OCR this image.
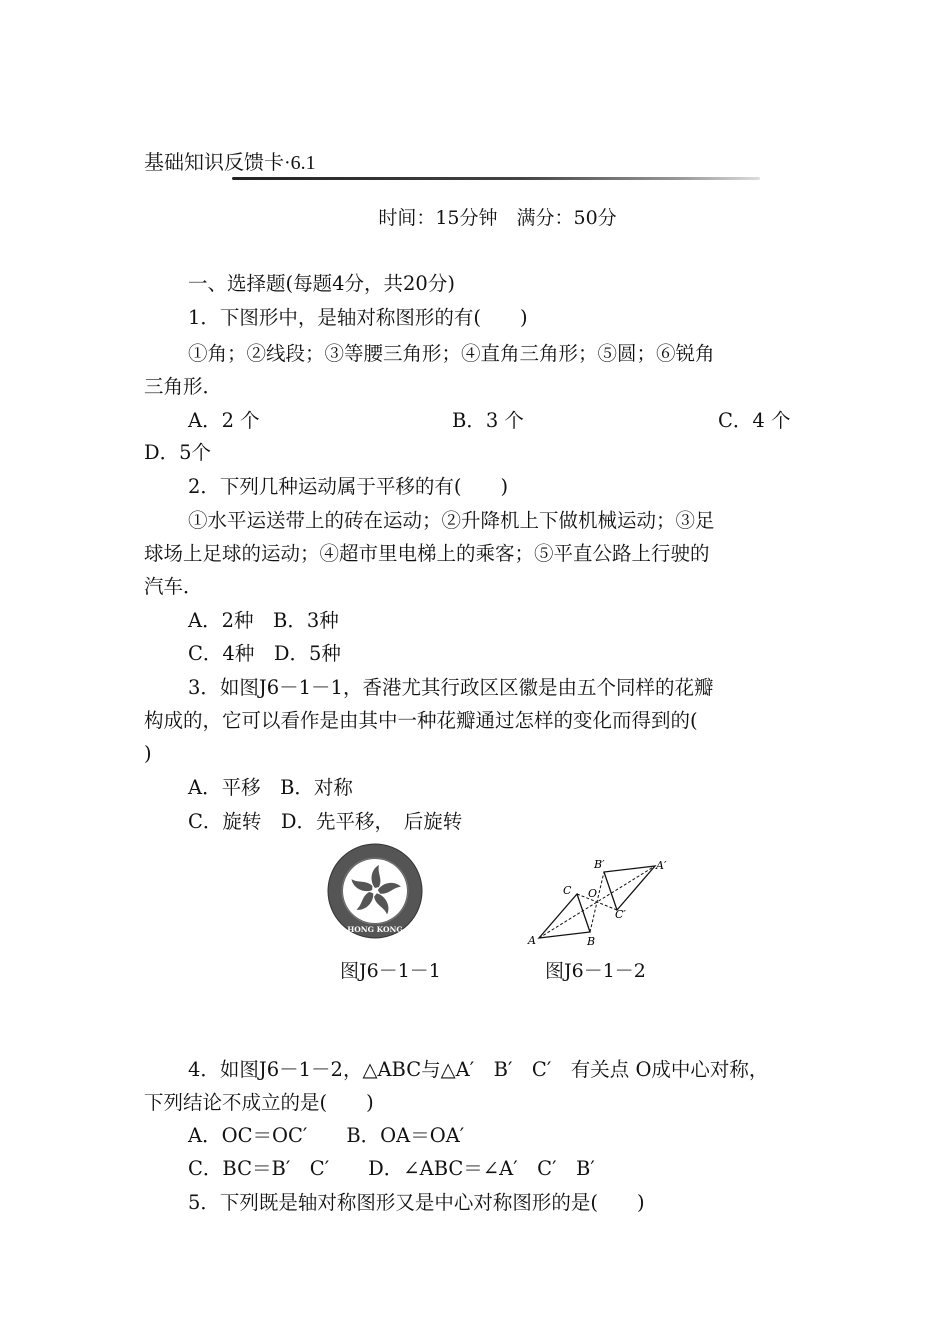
基础知识反馈卡·6.1
时间：15分钟　满分：50分
一、选择题(每题4分，共20分)
1．下图形中，是轴对称图形的有(　　)
①角；②线段；③等腰三角形；④直角三角形；⑤圆；⑥锐角
三角形．
A．2 个	B．3 个	C．4 个
D．5个
2．下列几种运动属于平移的有(　　)
①水平运送带上的砖在运动；②升降机上下做机械运动；③足
球场上足球的运动；④超市里电梯上的乘客；⑤平直公路上行驶的
汽车．
A．2种　B．3种
C．4种　D．5种
3．如图J6－1－1，香港尤其行政区区徽是由五个同样的花瓣
构成的，它可以看作是由其中一种花瓣通过怎样的变化而得到的(
)
A．平移　B．对称
C．旋转　D．先平移，　后旋转
HONG KONG
A	B
C O
A′
B′
C′
图J6－1－1	图J6－1－2
4．如图J6－1－2，△ABC与△A′　B′　C′　有关点 O成中心对称，
下列结论不成立的是(　　)
A．OC＝OC′　　B．OA＝OA′
C．BC＝B′　C′　　D．∠ABC＝∠A′　C′　B′
5．下列既是轴对称图形又是中心对称图形的是(　　)
